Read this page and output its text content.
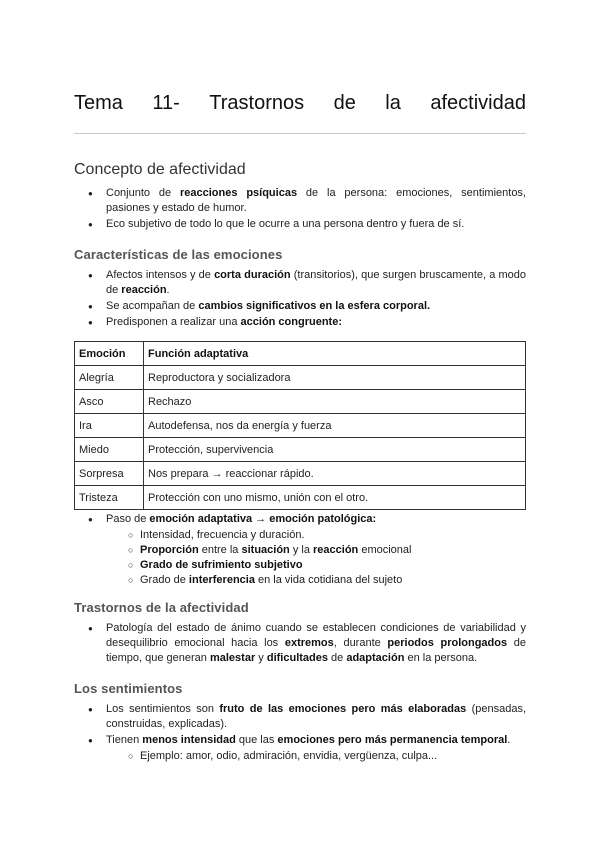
Tema 11- Trastornos de la afectividad
Concepto de afectividad

● Conjunto de reacciones psíquicas de la persona: emociones, sentimientos, pasiones y estado de humor.

● Eco subjetivo de todo lo que le ocurre a una persona dentro y fuera de sí.

Características de las emociones

● Afectos intensos y de corta duración (transitorios), que surgen bruscamente, a modo de reacción.

● Se acompañan de cambios significativos en la esfera corporal.

● Predisponen a realizar una acción congruente:

Emoción	Función adaptativa
Alegría	Reproductora y socializadora
Asco	Rechazo
Ira	Autodefensa, nos da energía y fuerza
Miedo	Protección, supervivencia
Sorpresa	Nos prepara → reaccionar rápido.
Tristeza	Protección con uno mismo, unión con el otro.

● Paso de emoción adaptativa → emoción patológica:

○ Intensidad, frecuencia y duración.

○ Proporción entre la situación y la reacción emocional

○ Grado de sufrimiento subjetivo

○ Grado de interferencia en la vida cotidiana del sujeto

Trastornos de la afectividad

● Patología del estado de ánimo cuando se establecen condiciones de variabilidad y desequilibrio emocional hacia los extremos, durante periodos prolongados de tiempo, que generan malestar y dificultades de adaptación en la persona.

Los sentimientos

● Los sentimientos son fruto de las emociones pero más elaboradas (pensadas, construidas, explicadas).

● Tienen menos intensidad que las emociones pero más permanencia temporal.

○ Ejemplo: amor, odio, admiración, envidia, vergüenza, culpa...
